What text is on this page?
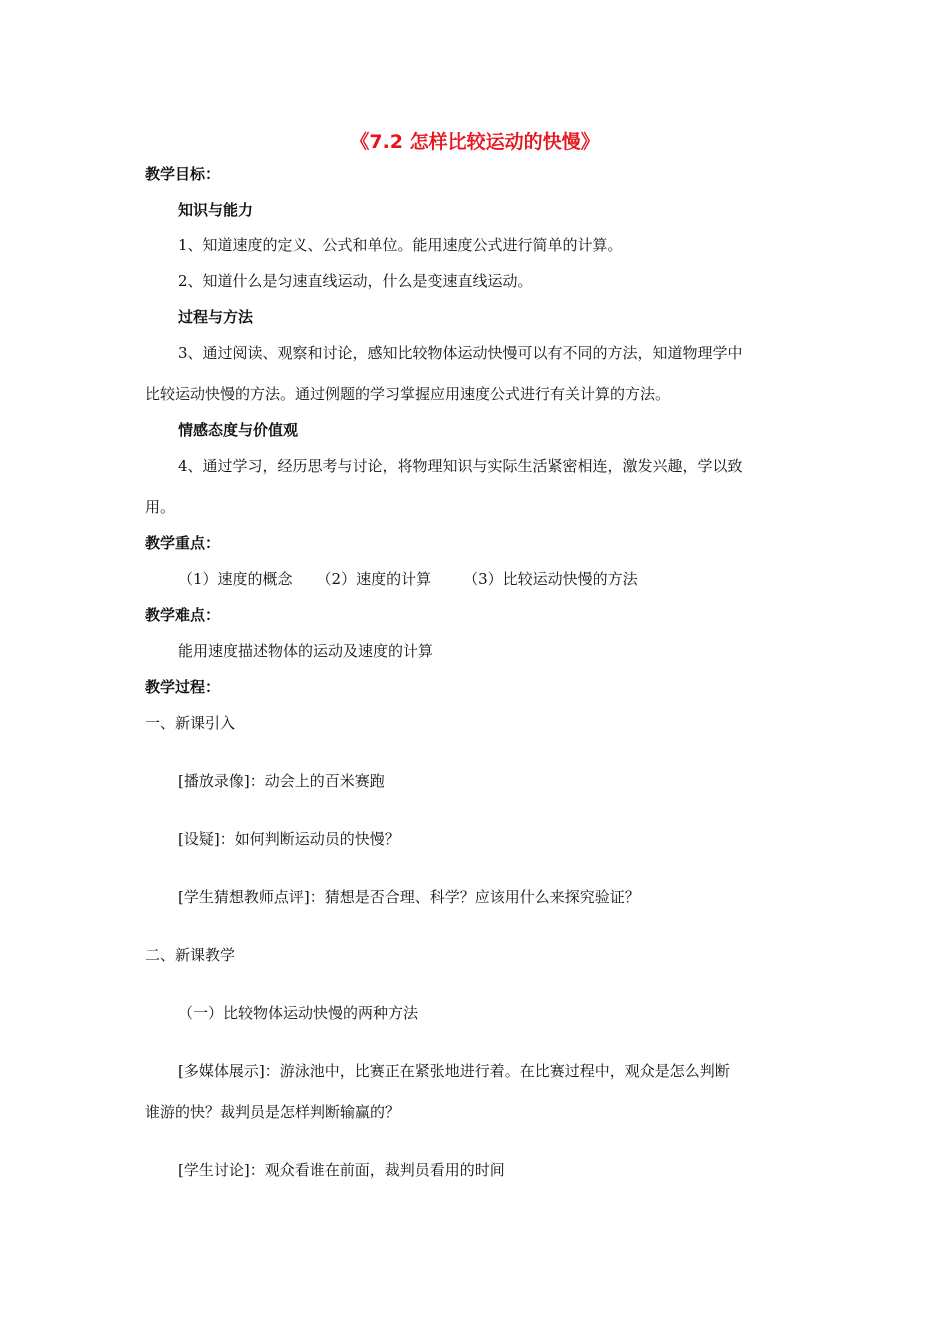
《7.2 怎样比较运动的快慢》
教学目标：
知识与能力
1、知道速度的定义、公式和单位。能用速度公式进行简单的计算。
2、知道什么是匀速直线运动，什么是变速直线运动。
过程与方法
3、通过阅读、观察和讨论，感知比较物体运动快慢可以有不同的方法，知道物理学中
比较运动快慢的方法。通过例题的学习掌握应用速度公式进行有关计算的方法。
情感态度与价值观
4、通过学习，经历思考与讨论，将物理知识与实际生活紧密相连，激发兴趣，学以致
用。
教学重点：
（1）速度的概念 （2）速度的计算 （3）比较运动快慢的方法
教学难点：
能用速度描述物体的运动及速度的计算
教学过程：
一、新课引入
[播放录像]：动会上的百米赛跑
[设疑]：如何判断运动员的快慢？
[学生猜想教师点评]：猜想是否合理、科学？应该用什么来探究验证？
二、新课教学
（一）比较物体运动快慢的两种方法
[多媒体展示]：游泳池中，比赛正在紧张地进行着。在比赛过程中，观众是怎么判断
谁游的快？裁判员是怎样判断输赢的？
[学生讨论]：观众看谁在前面，裁判员看用的时间
